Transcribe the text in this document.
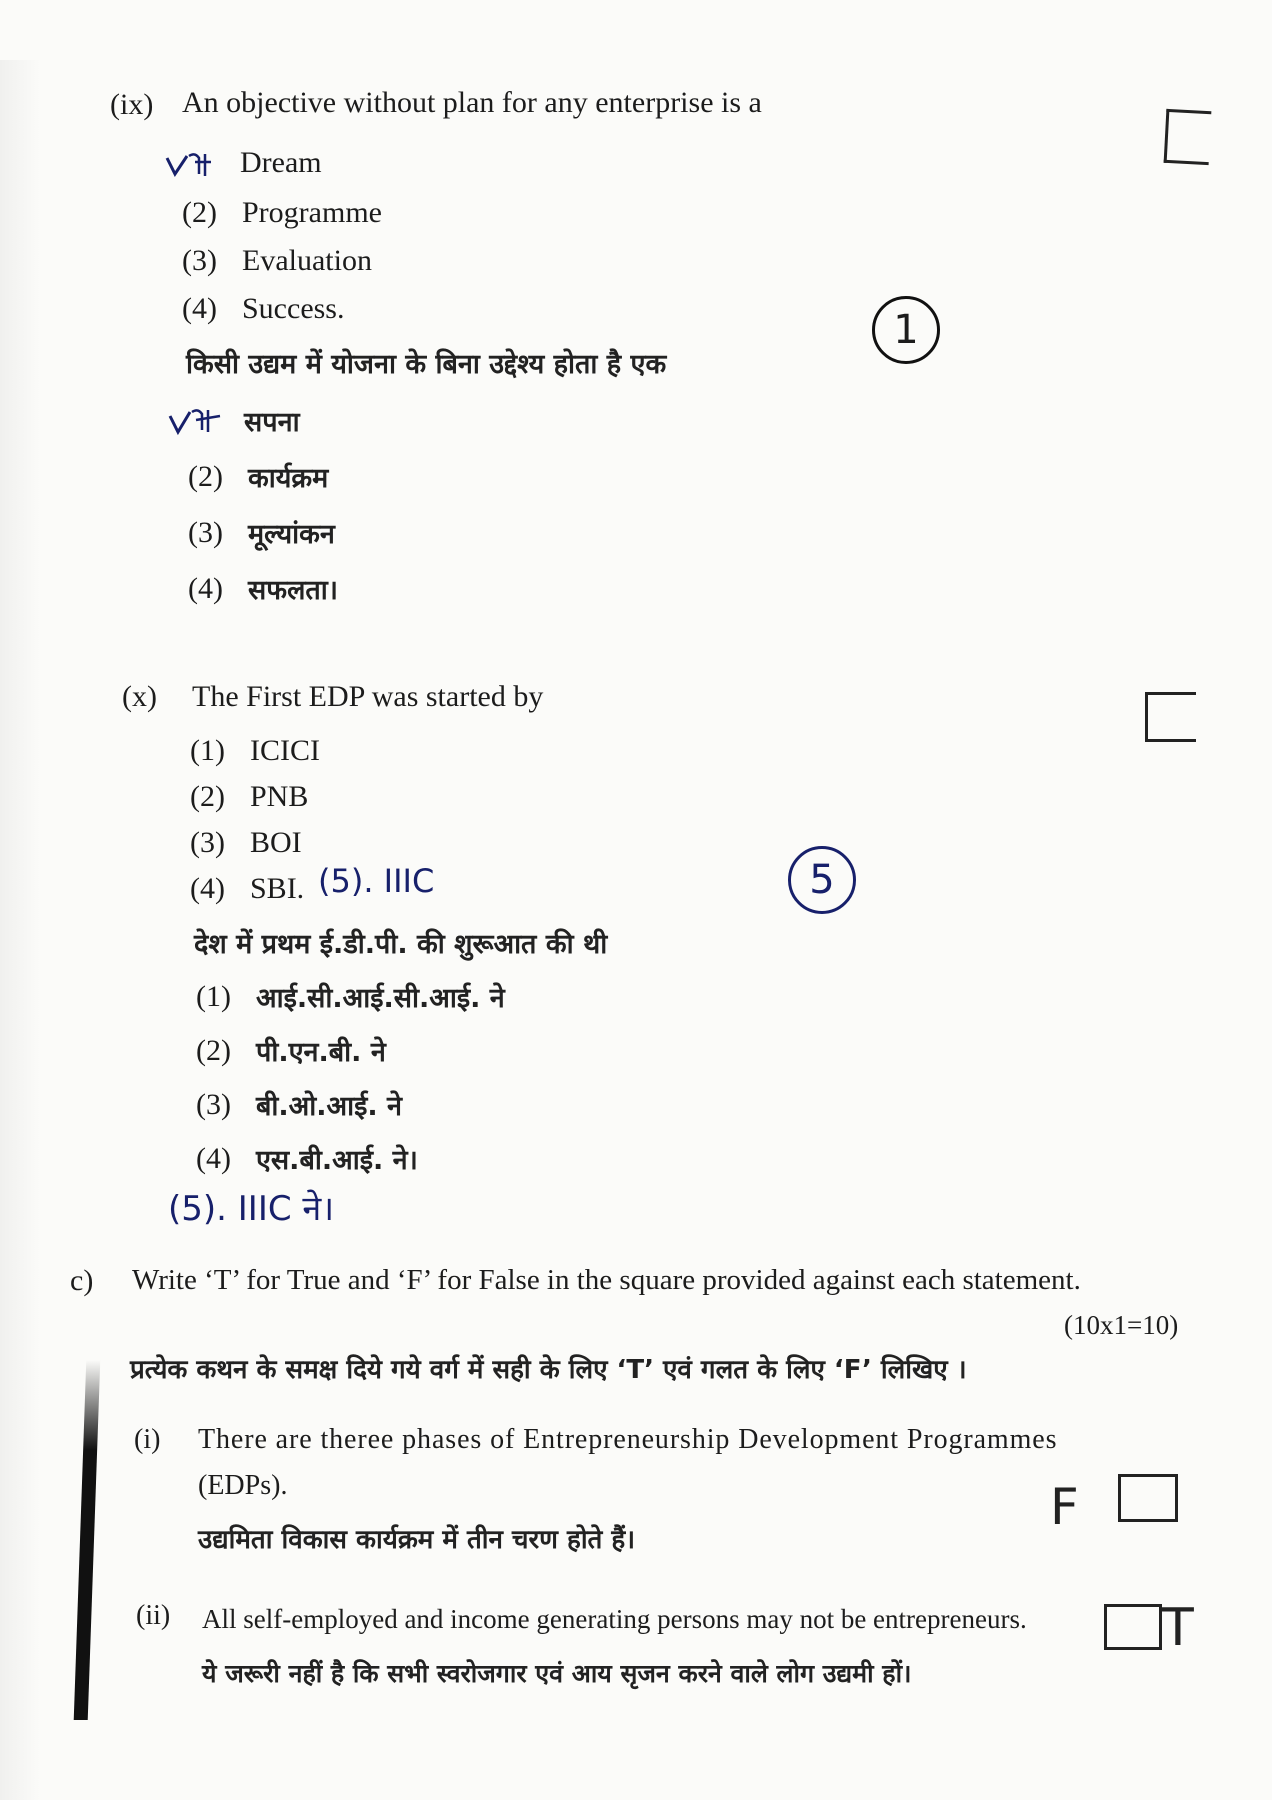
(ix) An objective without plan for any enterprise is a
Dream
(2) Programme
(3) Evaluation
(4) Success.	1
किसी उद्यम में योजना के बिना उद्देश्य होता है एक
सपना
(2) कार्यक्रम
(3) मूल्यांकन
(4) सफलता।
(x) The First EDP was started by
(1) ICICI
(2) PNB
(3) BOI
(4) SBI. (5). IIIC	5
देश में प्रथम ई.डी.पी. की शुरूआत की थी
(1) आई.सी.आई.सी.आई. ने
(2) पी.एन.बी. ने
(3) बी.ओ.आई. ने
(4) एस.बी.आई. ने।
(5). IIIC ने।
c) Write ‘T’ for True and ‘F’ for False in the square provided against each statement.
(10x1=10)
प्रत्येक कथन के समक्ष दिये गये वर्ग में सही के लिए ‘T’ एवं गलत के लिए ‘F’ लिखिए ।
(i) There are theree phases of Entrepreneurship Development Programmes
(EDPs).
उद्यमिता विकास कार्यक्रम में तीन चरण होते हैं।
F
(ii) All self-employed and income generating persons may not be entrepreneurs.
ये जरूरी नहीं है कि सभी स्वरोजगार एवं आय सृजन करने वाले लोग उद्यमी हों।
T
